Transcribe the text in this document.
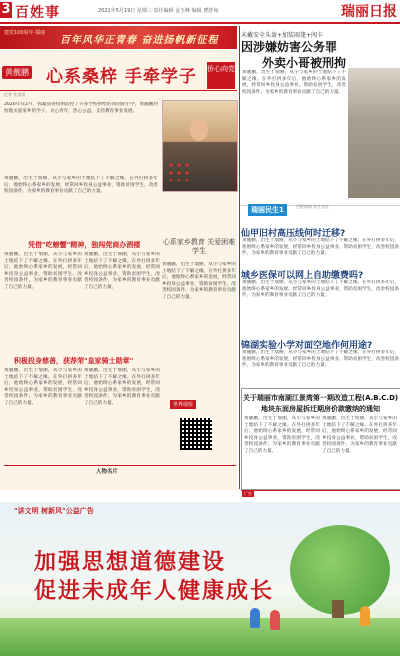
3 百姓事	2021年5月19日 星期三 责任编辑 金玉峰 编辑 曹舒甸	瑞丽日报
建党100周年·瑞丽
百年风华正青春 奋进扬帆新征程
黄靓鹏 心系桑梓 手牵学子 侨心向党
记者 杜国清
2020年仅2月，抓紧获得疫情防控了许多学校供给的同国际小学，黄靓鹏热忱地关爱家乡的学子，关心青年，热心公益，支持教育事业发展。
黄靓鹏，出生于瑞丽，从小与家乡的土地结下了不解之缘。在外打拼多年后，他始终心系家乡的发展，经常回乡投身公益事业，资助贫困学生，改善校园条件，为家乡的教育事业贡献了自己的力量。
心系家乡教育 关爱困难学生
凭借"吃螃蟹"精神，独闯莞商办酒楼
黄靓鹏，出生于瑞丽，从小与家乡的土地结下了不解之缘。在外打拼多年后，他始终心系家乡的发展，经常回乡投身公益事业，资助贫困学生，改善校园条件，为家乡的教育事业贡献了自己的力量。
黄靓鹏，出生于瑞丽，从小与家乡的土地结下了不解之缘。在外打拼多年后，他始终心系家乡的发展，经常回乡投身公益事业，资助贫困学生，改善校园条件，为家乡的教育事业贡献了自己的力量。
黄靓鹏，出生于瑞丽，从小与家乡的土地结下了不解之缘。在外打拼多年后，他始终心系家乡的发展，经常回乡投身公益事业，资助贫困学生，改善校园条件，为家乡的教育事业贡献了自己的力量。
积极投身慈善，获荐荣"皇家骑士勋章"
黄靓鹏，出生于瑞丽，从小与家乡的土地结下了不解之缘。在外打拼多年后，他始终心系家乡的发展，经常回乡投身公益事业，资助贫困学生，改善校园条件，为家乡的教育事业贡献了自己的力量。
黄靓鹏，出生于瑞丽，从小与家乡的土地结下了不解之缘。在外打拼多年后，他始终心系家乡的发展，经常回乡投身公益事业，资助贫困学生，改善校园条件，为家乡的教育事业贡献了自己的力量。	世界瑞侨
人物名片
未戴安全头盔+加装雨篷+闯卡
因涉嫌妨害公务罪
外卖小哥被刑拘
黄靓鹏，出生于瑞丽，从小与家乡的土地结下了不解之缘。在外打拼多年后，他始终心系家乡的发展，经常回乡投身公益事业，资助贫困学生，改善校园条件，为家乡的教育事业贡献了自己的力量。
瑞丽民生1	百姓热线 民生关注
仙甲旧村高压线何时迁移?
黄靓鹏，出生于瑞丽，从小与家乡的土地结下了不解之缘。在外打拼多年后，他始终心系家乡的发展，经常回乡投身公益事业，资助贫困学生，改善校园条件，为家乡的教育事业贡献了自己的力量。
城乡医保可以网上自助缴费吗?
黄靓鹏，出生于瑞丽，从小与家乡的土地结下了不解之缘。在外打拼多年后，他始终心系家乡的发展，经常回乡投身公益事业，资助贫困学生，改善校园条件，为家乡的教育事业贡献了自己的力量。
锦湖实验小学对面空地作何用途?
黄靓鹏，出生于瑞丽，从小与家乡的土地结下了不解之缘。在外打拼多年后，他始终心系家乡的发展，经常回乡投身公益事业，资助贫困学生，改善校园条件，为家乡的教育事业贡献了自己的力量。
关于瑞丽市南湖江景湾第一期改造工程(A.B.C.D)
地块东面房屋拆迁期房价款缴纳的通知
黄靓鹏，出生于瑞丽，从小与家乡的土地结下了不解之缘。在外打拼多年后，他始终心系家乡的发展，经常回乡投身公益事业，资助贫困学生，改善校园条件，为家乡的教育事业贡献了自己的力量。
黄靓鹏，出生于瑞丽，从小与家乡的土地结下了不解之缘。在外打拼多年后，他始终心系家乡的发展，经常回乡投身公益事业，资助贫困学生，改善校园条件，为家乡的教育事业贡献了自己的力量。
广告
"讲文明 树新风"公益广告
加强思想道德建设
促进未成年人健康成长
